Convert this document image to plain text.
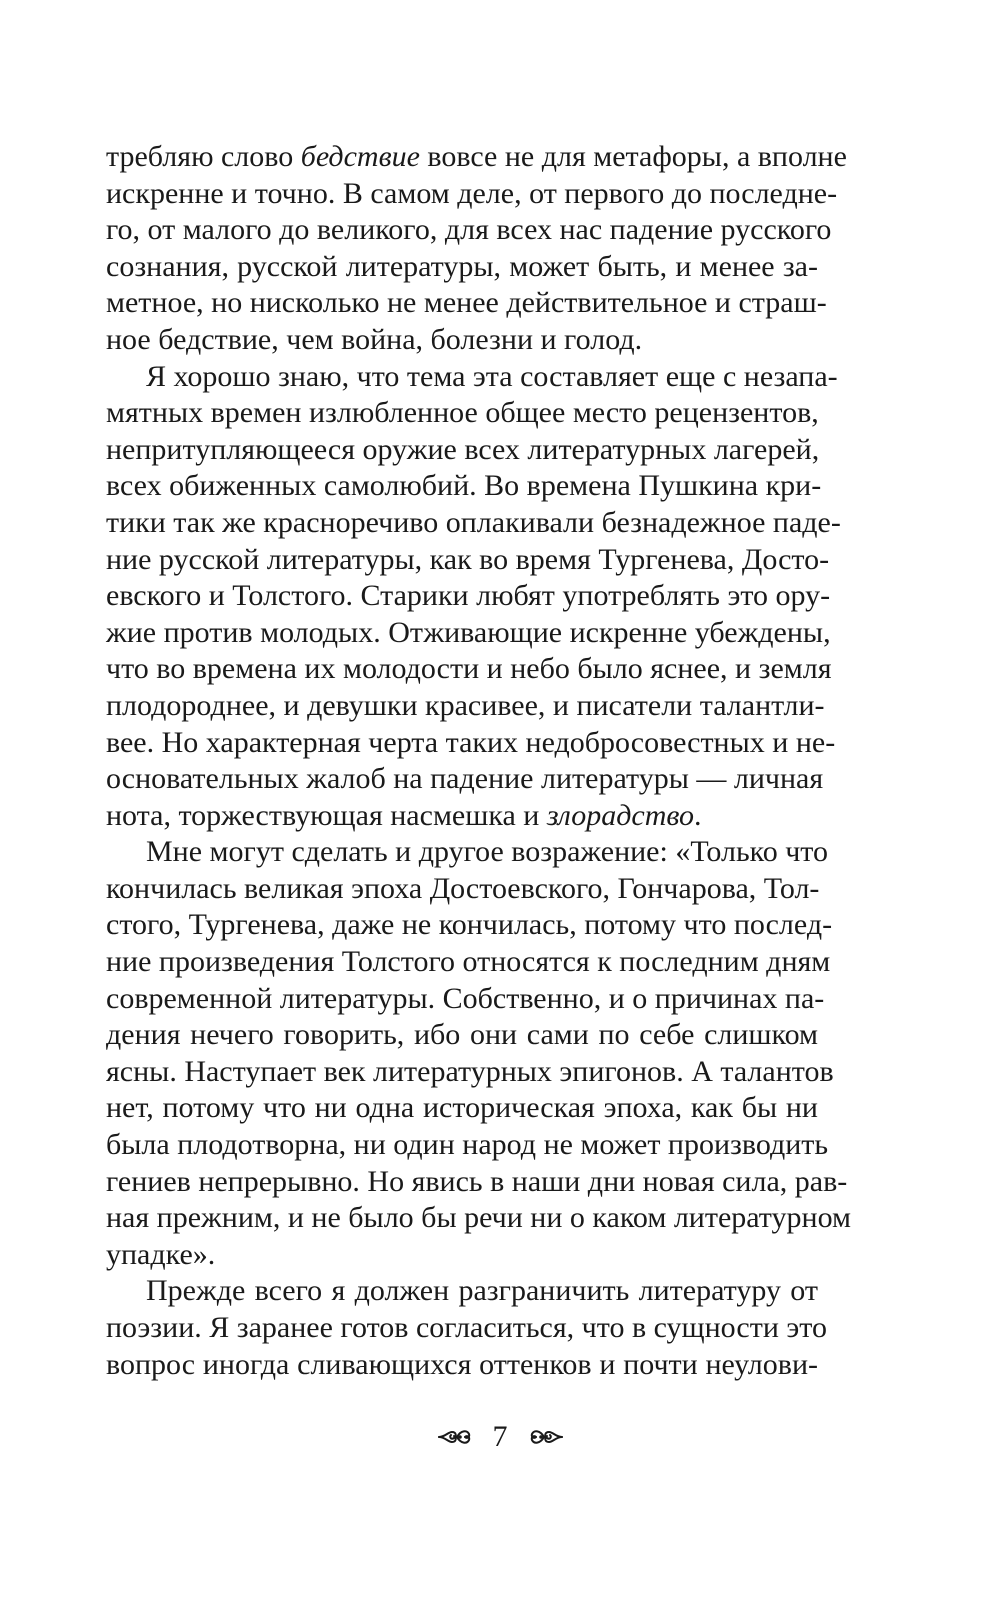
требляю слово бедствие вовсе не для метафоры, а вполне
искренне и точно. В самом деле, от первого до последне-
го, от малого до великого, для всех нас падение русского
сознания, русской литературы, может быть, и менее за-
метное, но нисколько не менее действительное и страш-
ное бедствие, чем война, болезни и голод.
Я хорошо знаю, что тема эта составляет еще с незапа-
мятных времен излюбленное общее место рецензентов,
непритупляющееся оружие всех литературных лагерей,
всех обиженных самолюбий. Во времена Пушкина кри-
тики так же красноречиво оплакивали безнадежное паде-
ние русской литературы, как во время Тургенева, Досто-
евского и Толстого. Старики любят употреблять это ору-
жие против молодых. Отживающие искренне убеждены,
что во времена их молодости и небо было яснее, и земля
плодороднее, и девушки красивее, и писатели талантли-
вее. Но характерная черта таких недобросовестных и не-
основательных жалоб на падение литературы — личная
нота, торжествующая насмешка и злорадство.
Мне могут сделать и другое возражение: «Только что
кончилась великая эпоха Достоевского, Гончарова, Тол-
стого, Тургенева, даже не кончилась, потому что послед-
ние произведения Толстого относятся к последним дням
современной литературы. Собственно, и о причинах па-
дения нечего говорить, ибо они сами по себе слишком
ясны. Наступает век литературных эпигонов. А талантов
нет, потому что ни одна историческая эпоха, как бы ни
была плодотворна, ни один народ не может производить
гениев непрерывно. Но явись в наши дни новая сила, рав-
ная прежним, и не было бы речи ни о каком литературном
упадке».
Прежде всего я должен разграничить литературу от
поэзии. Я заранее готов согласиться, что в сущности это
вопрос иногда сливающихся оттенков и почти неулови-
7
